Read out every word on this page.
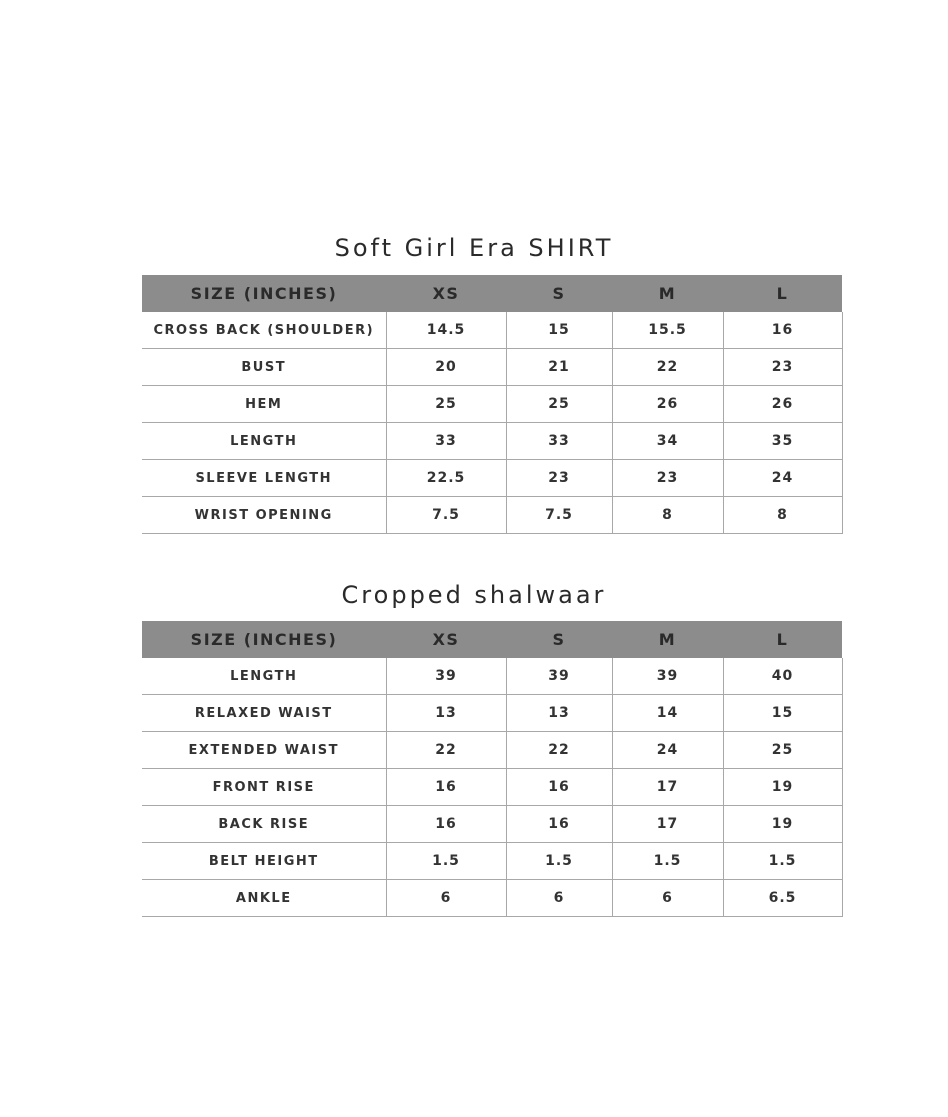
Soft Girl Era SHIRT
SIZE (INCHES)	XS	S	M	L
CROSS BACK (SHOULDER)	14.5	15	15.5	16
BUST	20	21	22	23
HEM	25	25	26	26
LENGTH	33	33	34	35
SLEEVE LENGTH	22.5	23	23	24
WRIST OPENING	7.5	7.5	8	8
Cropped shalwaar
SIZE (INCHES)	XS	S	M	L
LENGTH	39	39	39	40
RELAXED WAIST	13	13	14	15
EXTENDED WAIST	22	22	24	25
FRONT RISE	16	16	17	19
BACK RISE	16	16	17	19
BELT HEIGHT	1.5	1.5	1.5	1.5
ANKLE	6	6	6	6.5
